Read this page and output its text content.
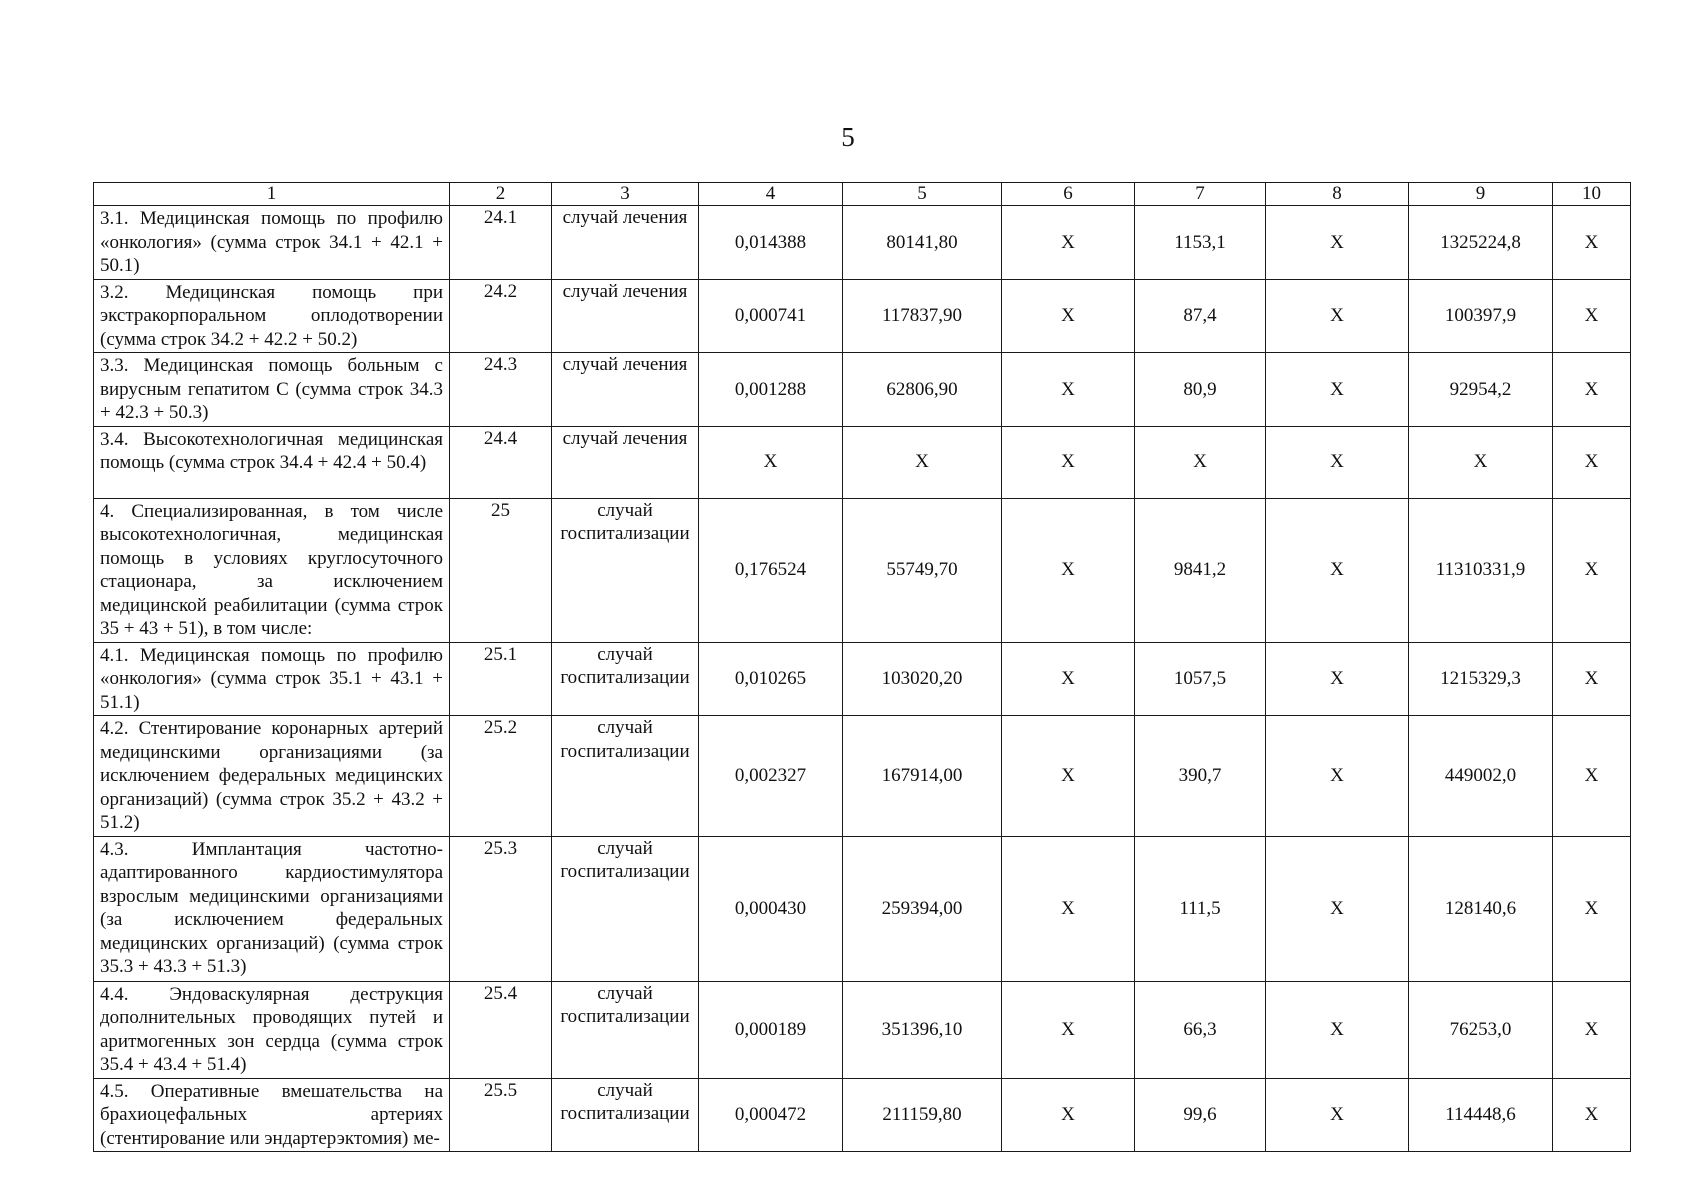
5
1	2	3	4	5	6	7	8	9	10
3.1. Медицинская помощь по профилю «онкология» (сумма строк 34.1 + 42.1 + 50.1)	24.1	случай лечения	0,014388	80141,80	X	1153,1	X	1325224,8	X
3.2. Медицинская помощь при экстракорпоральном оплодотворении (сумма строк 34.2 + 42.2 + 50.2)	24.2	случай лечения	0,000741	117837,90	X	87,4	X	100397,9	X
3.3. Медицинская помощь больным с вирусным гепатитом С (сумма строк 34.3 + 42.3 + 50.3)	24.3	случай лечения	0,001288	62806,90	X	80,9	X	92954,2	X
3.4. Высокотехнологичная медицинская помощь (сумма строк 34.4 + 42.4 + 50.4)	24.4	случай лечения	X	X	X	X	X	X	X
4. Специализированная, в том числе высокотехнологичная, медицинская помощь в условиях круглосуточного стационара, за исключением медицинской реабилитации (сумма строк 35 + 43 + 51), в том числе:	25	случай госпитализации	0,176524	55749,70	X	9841,2	X	11310331,9	X
4.1. Медицинская помощь по профилю «онкология» (сумма строк 35.1 + 43.1 + 51.1)	25.1	случай госпитализации	0,010265	103020,20	X	1057,5	X	1215329,3	X
4.2. Стентирование коронарных артерий медицинскими организациями (за исключением федеральных медицинских организаций) (сумма строк 35.2 + 43.2 + 51.2)	25.2	случай госпитализации	0,002327	167914,00	X	390,7	X	449002,0	X
4.3. Имплантация частотно-адаптированного кардиостимулятора взрослым медицинскими организациями (за исключением федеральных медицинских организаций) (сумма строк 35.3 + 43.3 + 51.3)	25.3	случай госпитализации	0,000430	259394,00	X	111,5	X	128140,6	X
4.4. Эндоваскулярная деструкция дополнительных проводящих путей и аритмогенных зон сердца (сумма строк 35.4 + 43.4 + 51.4)	25.4	случай госпитализации	0,000189	351396,10	X	66,3	X	76253,0	X
4.5. Оперативные вмешательства на брахиоцефальных артериях (стентирование или эндартерэктомия) ме-	25.5	случай госпитализации	0,000472	211159,80	X	99,6	X	114448,6	X
